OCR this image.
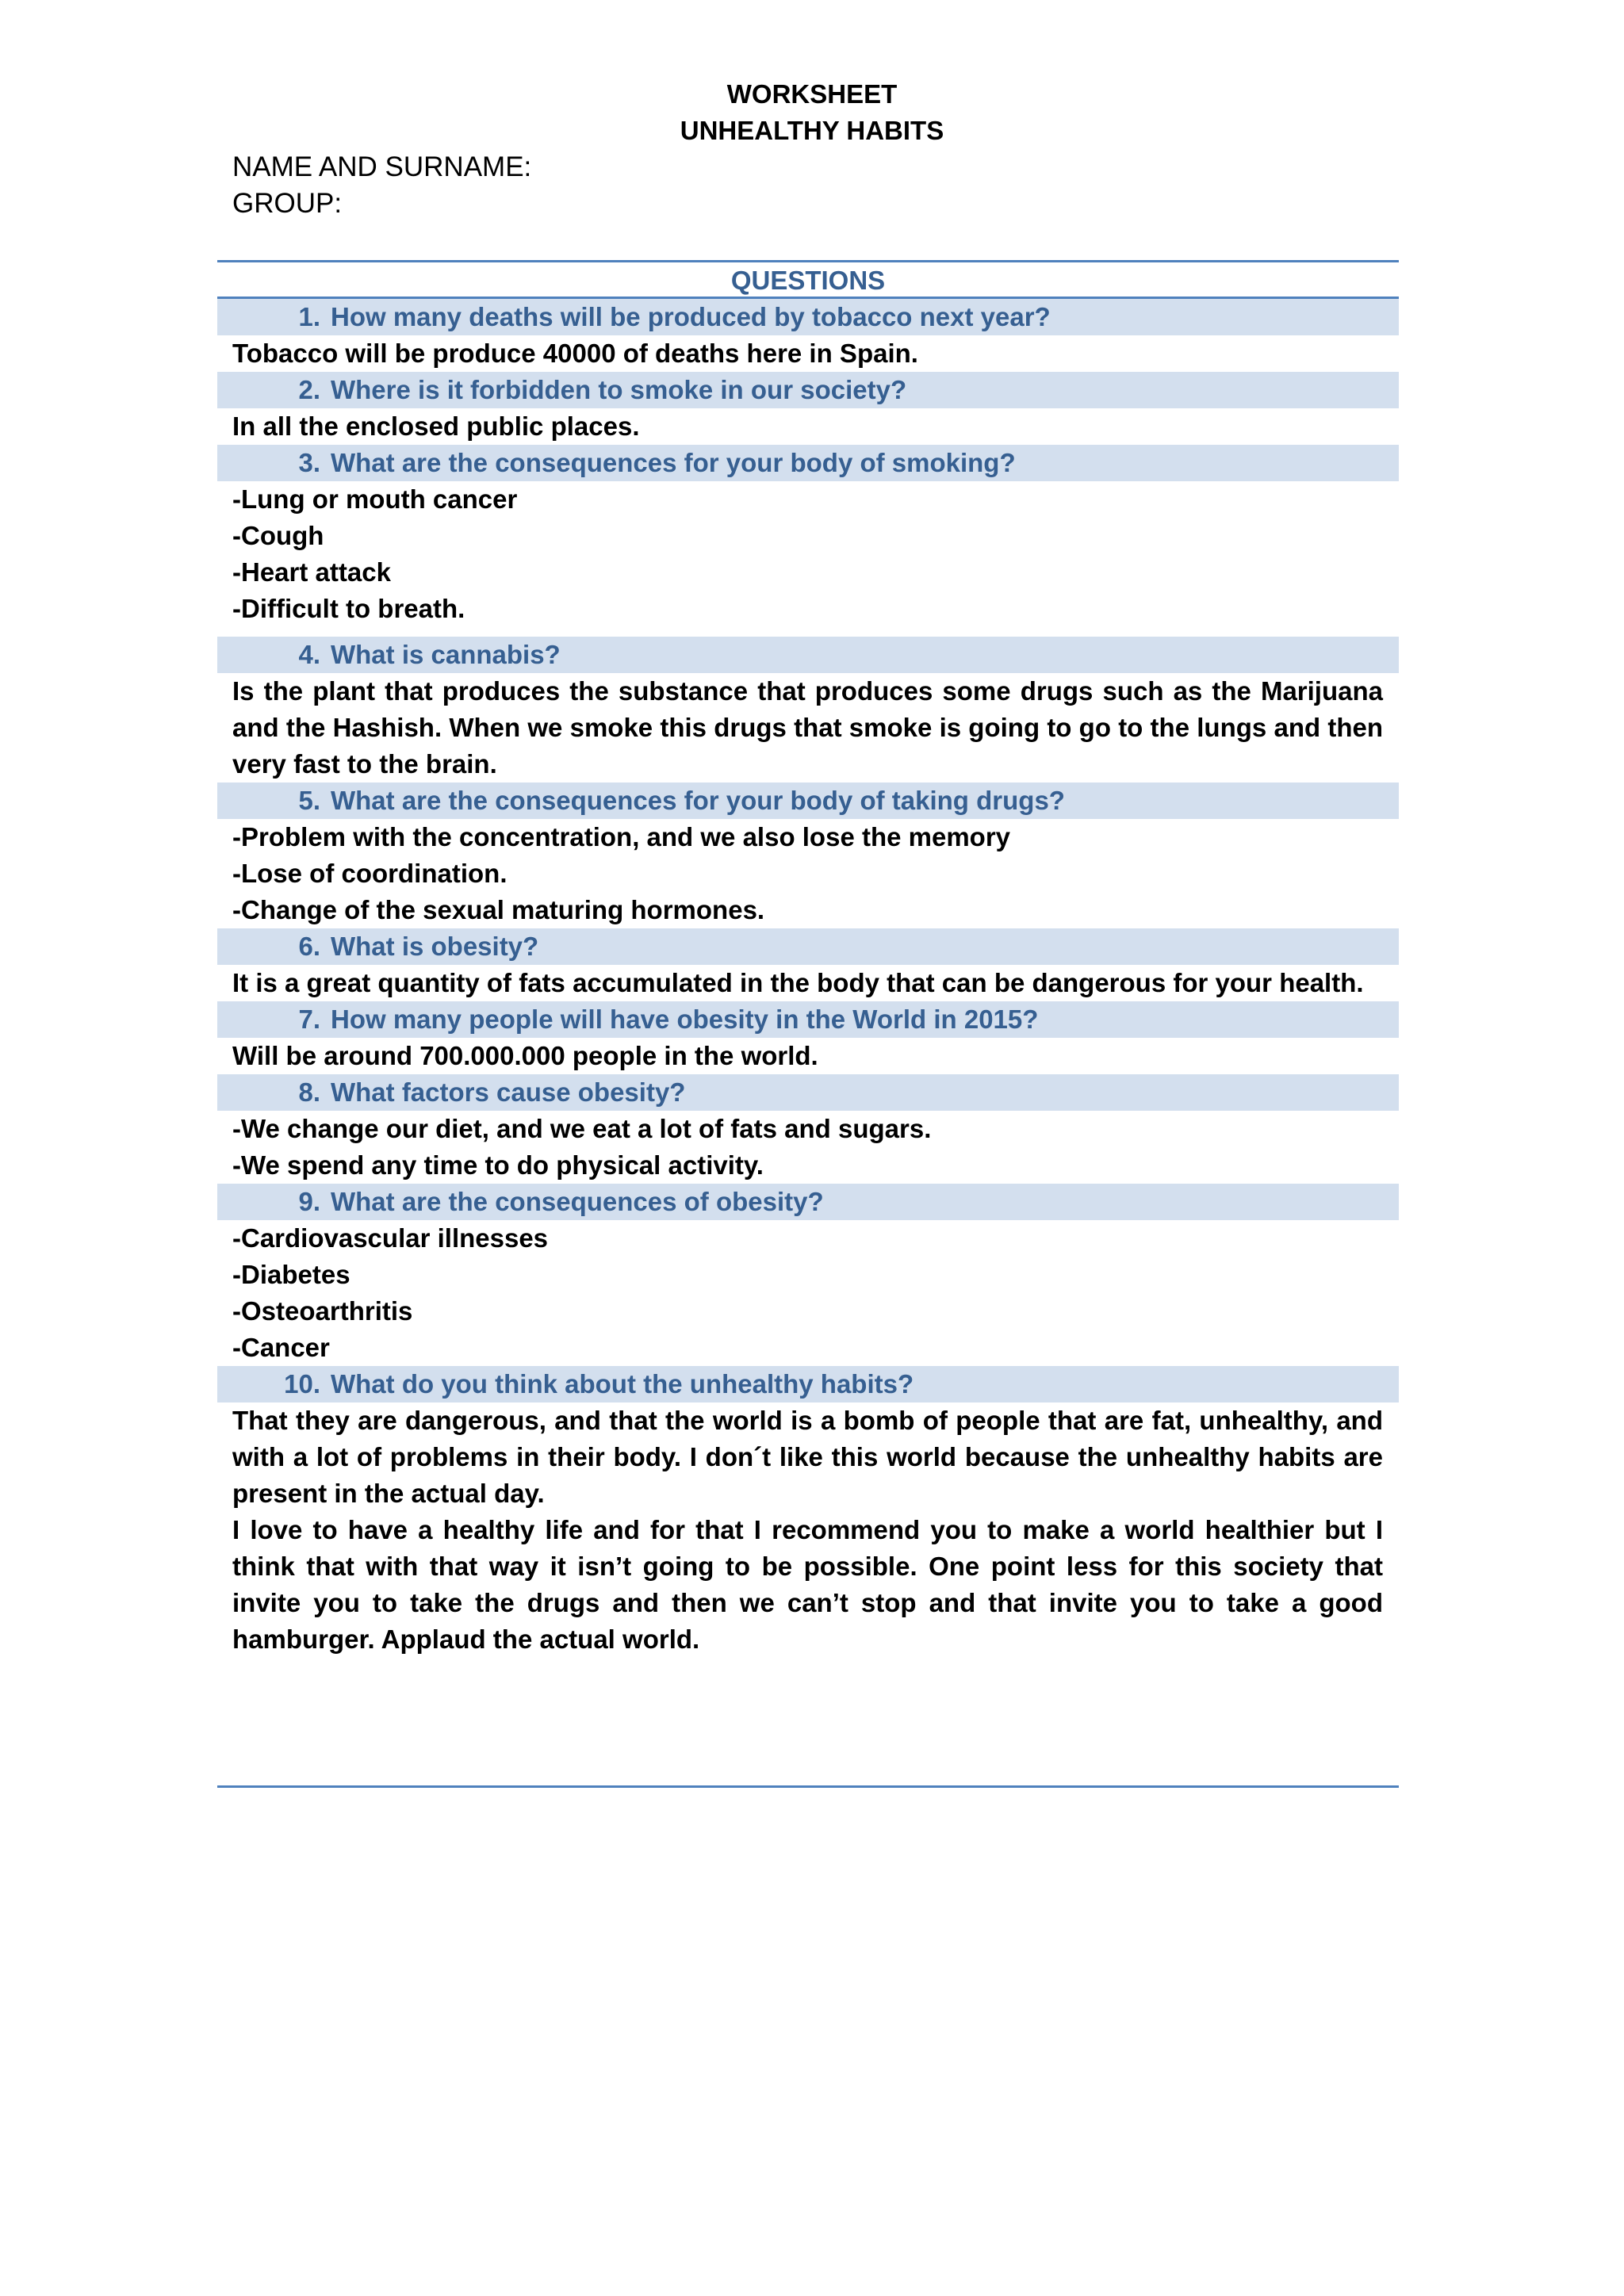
WORKSHEET
UNHEALTHY HABITS
NAME AND SURNAME:
GROUP:
QUESTIONS
1. How many deaths will be produced by tobacco next year?
Tobacco will be produce 40000 of deaths here in Spain.
2. Where is it forbidden to smoke in our society?
In all the enclosed public places.
3. What are the consequences for your body of smoking?
-Lung or mouth cancer
-Cough
-Heart attack
-Difficult to breath.
4. What is cannabis?
Is the plant that produces the substance that produces some drugs such as the Marijuana and the Hashish. When we smoke this drugs that smoke is going to go to the lungs and then very fast to the brain.
5. What are the consequences for your body of taking drugs?
-Problem with the concentration, and we also lose the memory
-Lose of coordination.
-Change of the sexual maturing hormones.
6. What is obesity?
It is a great quantity of fats accumulated in the body that can be dangerous for your health.
7. How many people will have obesity in the World in 2015?
Will be around 700.000.000 people in the world.
8. What factors cause obesity?
-We change our diet, and we eat a lot of fats and sugars.
-We spend any time to do physical activity.
9. What are the consequences of obesity?
-Cardiovascular illnesses
-Diabetes
-Osteoarthritis
-Cancer
10. What do you think about the unhealthy habits?
That they are dangerous, and that the world is a bomb of people that are fat, unhealthy, and with a lot of problems in their body. I don´t like this world because the unhealthy habits are present in the actual day.
I love to have a healthy life and for that I recommend you to make a world healthier but I think that with that way it isn’t going to be possible. One point less for this society that invite you to take the drugs and then we can’t stop and that invite you to take a good hamburger. Applaud the actual world.
